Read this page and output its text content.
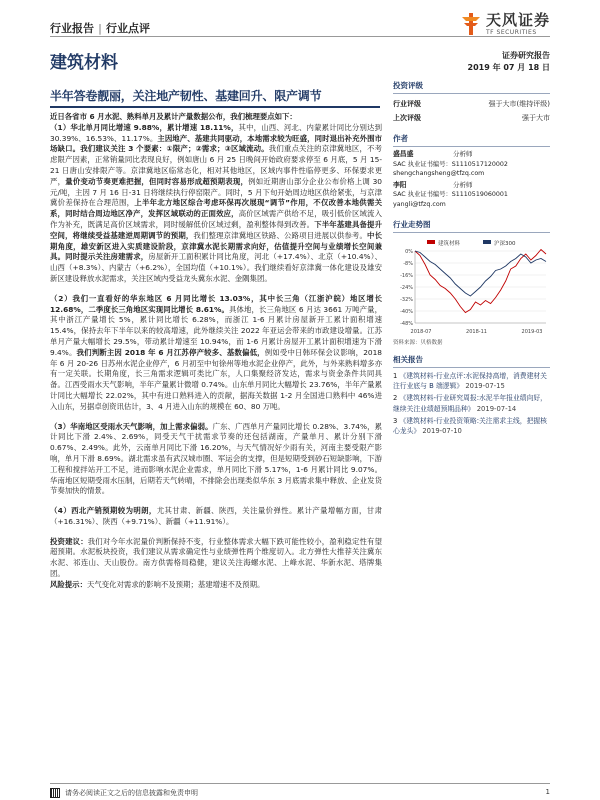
行业报告 | 行业点评	天风证券
TF SECURITIES
建筑材料	证券研究报告
2019 年 07 月 18 日
半年答卷靓丽，关注地产韧性、基建回升、限产调节

近日各省市 6 月水泥、熟料单月及累计产量数据公布，我们梳理要点如下：

（1）华北单月同比增速 9.88%，累计增速 18.11%，其中，山西、河北、内蒙累计同比分别达到 30.39%、16.53%、11.17%。主因地产、基建共同驱动，本地需求较为旺盛，同时退出补充外围市场缺口。我们建议关注 3 个要素：①限产；②需求；③区域流动。我们重点关注的京津冀地区，不考虑限产因素，正常销量同比表现良好，例如唐山 6 月 25 日晚间开始政府要求停至 6 月底，5 月 15-21 日唐山安排限产等。京津冀地区临常态化，相对其他地区，区域内事件性临停更多、环保要求更严，量价变动节奏更难把握，但同时容易形成超预期表现，例如近期唐山部分企业公布价格上调 30 元/吨，主因 7 月 16 日-31 日将继续执行停窑限产。同时，5 月下旬开始周边地区供给紧张，与京津冀价差保持在合理范围，上半年北方地区综合考虑环保再次展现“调节”作用，不仅改善本地供需关系，同时结合周边地区净产，发挥区域联动的正面效应，高价区域需产供给不足，吸引低价区域流入作为补充，既满足高价区域需求，同时缓解低价区域过剩，盈利整体得到改善。下半年基建具备提升空间，将继续受益基建逆周期调节的预期，我们整理京津冀地区铁路、公路项目进展以供参考。中长期角度，雄安新区进入实质建设阶段，京津冀水泥长期需求向好，估值提升空间与业绩增长空间兼具。同时提示关注房建需求，房屋新开工面积累计同比角度，河北（+17.4%）、北京（+10.4%）、山西（+8.3%）、内蒙古（+6.2%），全国均值（+10.1%）。我们继续看好京津冀一体化建设及雄安新区建设释放水泥需求，关注区域内受益龙头冀东水泥、金隅集团。

（2）我们一直看好的华东地区 6 月同比增长 13.03%，其中长三角（江浙沪皖）地区增长 12.68%，二季度长三角地区实现同比增长 8.61%。具体地，长三角地区 6 月达 3661 万吨产量，其中浙江产量增长 5%，累计同比增长 6.28%，而浙江 1-6 月累计房屋新开工累计面积增速 15.4%，保持去年下半年以来的较高增速，此外继续关注 2022 年亚运会带来的市政建设增量。江苏单月产量大幅增长 29.5%，带动累计增速至 10.94%，而 1-6 月累计房屋开工累计面积增速为下滑 9.4%。我们判断主因 2018 年 6 月江苏停产较多、基数偏低，例如受中日韩环保会议影响，2018 年 6 月 20-26 日苏州水泥企业停产，6 月初至中旬徐州等地水泥企业停产，此外，与外来熟料增多亦有一定关联。长期角度，长三角需求逻辑可类比广东，人口集聚经济发达，需求与资金条件共同具备。江西受雨水天气影响，半年产量累计微增 0.74%。山东单月同比大幅增长 23.76%，半年产量累计同比大幅增长 22.02%，其中有进口熟料进入的贡献，据海关数据 1-2 月全国进口熟料中 46%进入山东，另据卓创资讯估计，3、4 月进入山东的规模在 60、80 万吨。

（3）华南地区受雨水天气影响，加上需求偏弱。广东、广西单月产量同比增长 0.28%、3.74%，累计同比下滑 2.4%、2.69%，同受天气干扰需求节奏的还包括湖南，产量单月、累计分别下滑 0.67%、2.49%。此外，云南单月同比下滑 16.20%，与天气情况好少雨有关，河南主要受限产影响，单月下滑 8.69%。湖北需求虽有武汉城市圈、军运会的支撑，但是短期受到砂石短缺影响，下游工程和搅拌站开工不足，进而影响水泥企业需求，单月同比下滑 5.17%，1-6 月累计同比 9.07%。华南地区短期受雨水压制，后期若天气转晴，不排除会出现类似华东 3 月底需求集中释放、企业发货节奏加快的情景。

（4）西北产销预期较为明朗，尤其甘肃、新疆、陕西，关注量价弹性。累计产量增幅方面，甘肃（+16.31%）、陕西（+9.71%）、新疆（+11.91%）。

投资建议：我们对今年水泥量价判断保持不变，行业整体需求大幅下跌可能性较小，盈利稳定性有望超预期。水泥板块投资，我们建议从需求确定性与业绩弹性两个维度切入。北方弹性大推荐关注冀东水泥、祁连山、天山股份。南方供需格局稳健，建议关注海螺水泥、上峰水泥、华新水泥、塔牌集团。

风险提示：天气变化对需求的影响不及预期；基建增速不及预期。

投资评级
行业评级	强于大市(维持评级)
上次评级	强于大市
作者
盛昌盛	分析师
SAC 执业证书编号：S1110517120002
shengchangsheng@tfzq.com
李阳	分析师
SAC 执业证书编号：S1110519060001
yangli@tfzq.com
行业走势图
建筑材料	沪深300
0%
-8%
-16%
-24%
-32%
-40%
-48%
2018-07	2018-11	2019-03
资料来源：贝格数据
相关报告
1 《建筑材料-行业点评:水泥保持高增，消费建材关注行业底与 B 端逻辑》 2019-07-15
2 《建筑材料-行业研究周报:水泥半年报业绩向好，继续关注业绩超预期品种》 2019-07-14
3 《建筑材料-行业投资策略:关注需求主线，把握核心龙头》 2019-07-10
请务必阅读正文之后的信息披露和免责申明	1
